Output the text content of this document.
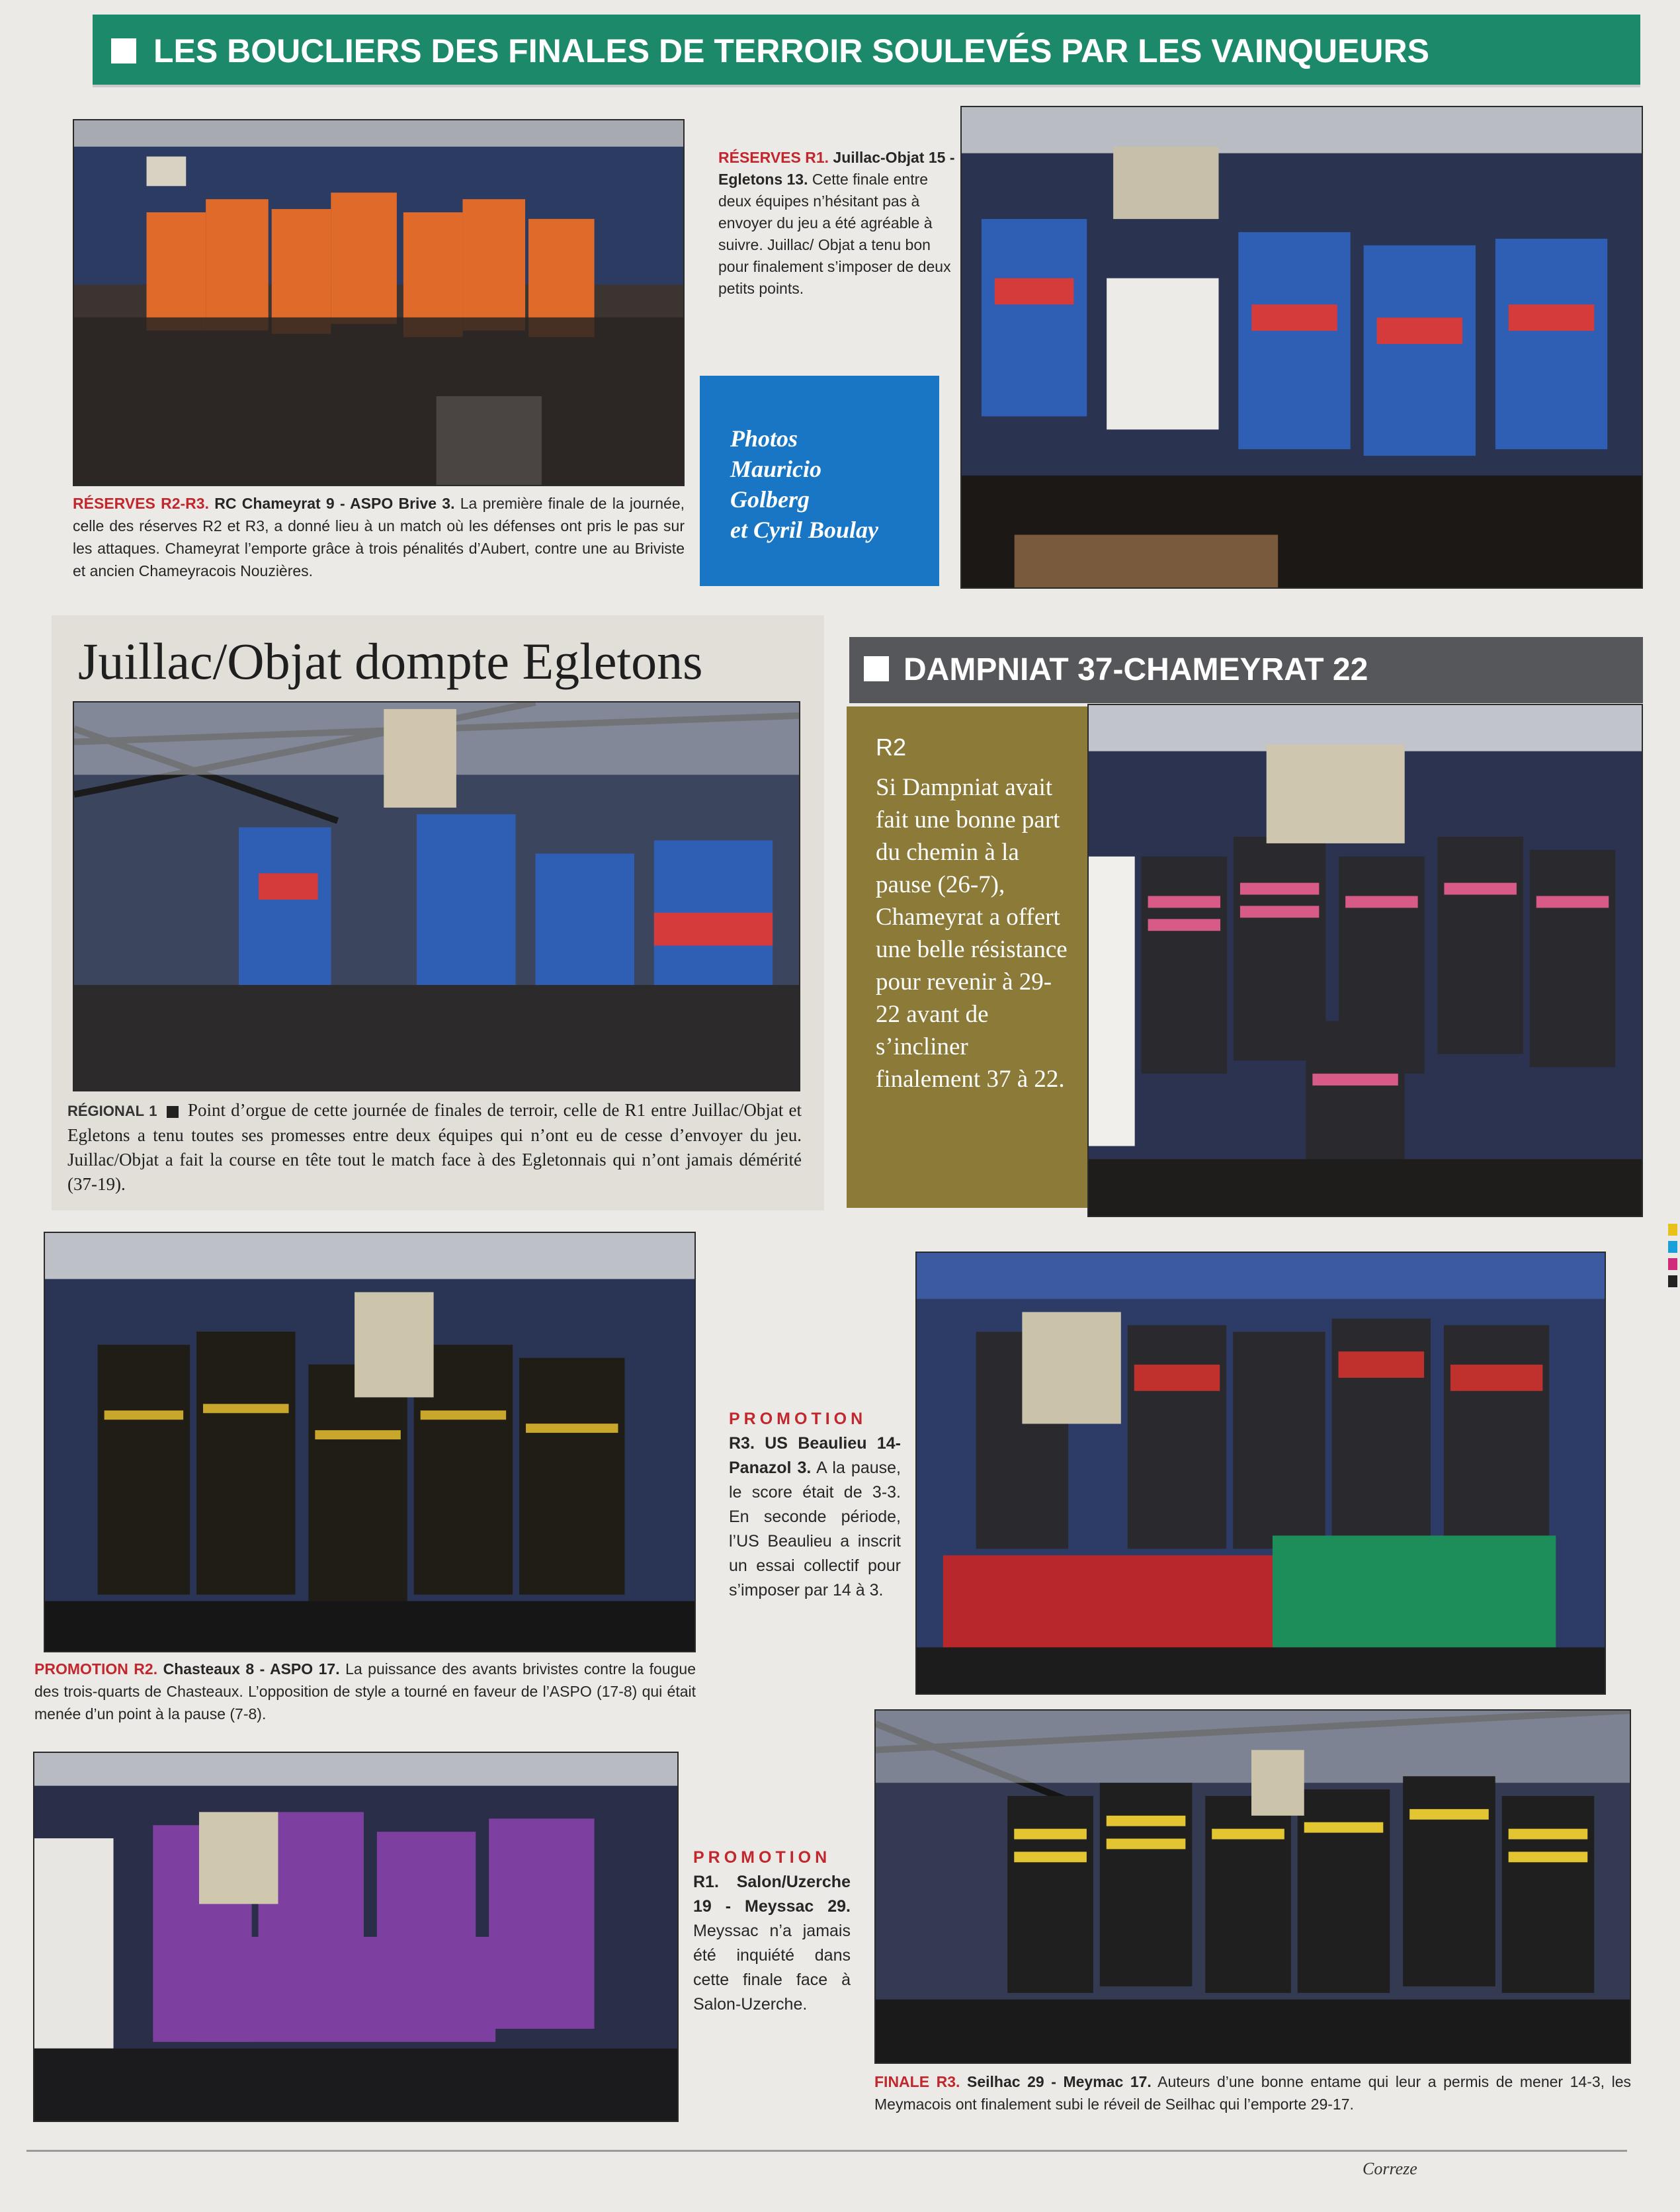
LES BOUCLIERS DES FINALES DE TERROIR SOULEVÉS PAR LES VAINQUEURS
RÉSERVES R1. Juillac-Objat 15 - Egletons 13. Cette finale entre deux équipes n’hésitant pas à envoyer du jeu a été agréable à suivre. Juillac/ Objat a tenu bon pour finalement s’imposer de deux petits points.
Photos
Mauricio
Golberg
et Cyril Boulay
RÉSERVES R2-R3. RC Chameyrat 9 - ASPO Brive 3. La première finale de la journée, celle des réserves R2 et R3, a donné lieu à un match où les défenses ont pris le pas sur les attaques. Chameyrat l’emporte grâce à trois pénalités d’Aubert, contre une au Briviste et ancien Chameyracois Nouzières.
Juillac/Objat dompte Egletons
RÉGIONAL 1 Point d’orgue de cette journée de finales de terroir, celle de R1 entre Juillac/Objat et Egletons a tenu toutes ses promesses entre deux équipes qui n’ont eu de cesse d’envoyer du jeu. Juillac/Objat a fait la course en tête tout le match face à des Egletonnais qui n’ont jamais démérité (37-19).
DAMPNIAT 37-CHAMEYRAT 22
R2
Si Dampniat avait fait une bonne part du chemin à la pause (26-7), Chameyrat a offert une belle résistance pour revenir à 29-22 avant de s’incliner finalement 37 à 22.
PROMOTION R2. Chasteaux 8 - ASPO 17. La puissance des avants brivistes contre la fougue des trois-quarts de Chasteaux. L’opposition de style a tourné en faveur de l’ASPO (17-8) qui était menée d’un point à la pause (7-8).
PROMOTION
R3. US Beaulieu 14-Panazol 3. A la pause, le score était de 3-3. En seconde période, l’US Beaulieu a inscrit un essai collectif pour s’imposer par 14 à 3.
PROMOTION
R1. Salon/Uzerche 19 - Meyssac 29. Meyssac n’a jamais été inquiété dans cette finale face à Salon-Uzerche.
FINALE R3. Seilhac 29 - Meymac 17. Auteurs d’une bonne entame qui leur a permis de mener 14-3, les Meymacois ont finalement subi le réveil de Seilhac qui l’emporte 29-17.
Correze
